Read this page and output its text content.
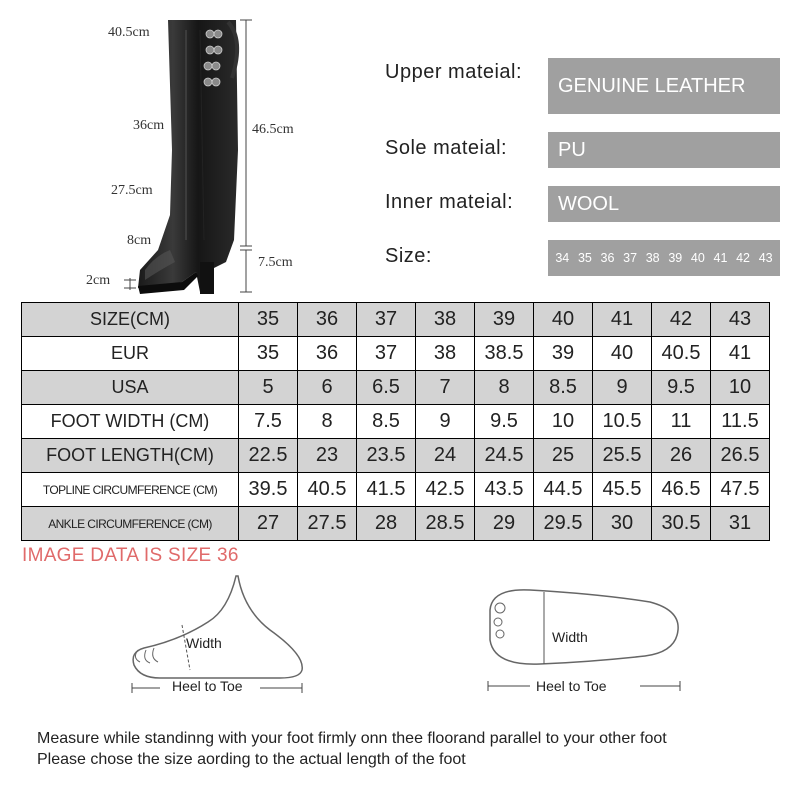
40.5cm
36cm
27.5cm
8cm
2cm
46.5cm
7.5cm
Upper mateial:
GENUINE LEATHER
Sole mateial:	PU
Inner mateial:	WOOL
Size:	34 35 36 37 38 39 40 41 42 43
SIZE(CM)	35	36	37	38	39	40	41	42	43
EUR	35	36	37	38	38.5	39	40	40.5	41
USA	5	6	6.5	7	8	8.5	9	9.5	10
FOOT WIDTH (CM)	7.5	8	8.5	9	9.5	10	10.5	11	11.5
FOOT LENGTH(CM)	22.5	23	23.5	24	24.5	25	25.5	26	26.5
TOPLINE CIRCUMFERENCE (CM)	39.5	40.5	41.5	42.5	43.5	44.5	45.5	46.5	47.5
ANKLE CIRCUMFERENCE (CM)	27	27.5	28	28.5	29	29.5	30	30.5	31
IMAGE DATA IS SIZE 36
Width
Heel to Toe
Width
Heel to Toe
Measure while standinng with your foot firmly onn thee floorand parallel to your other foot
Please chose the size aording to the actual length of the foot
